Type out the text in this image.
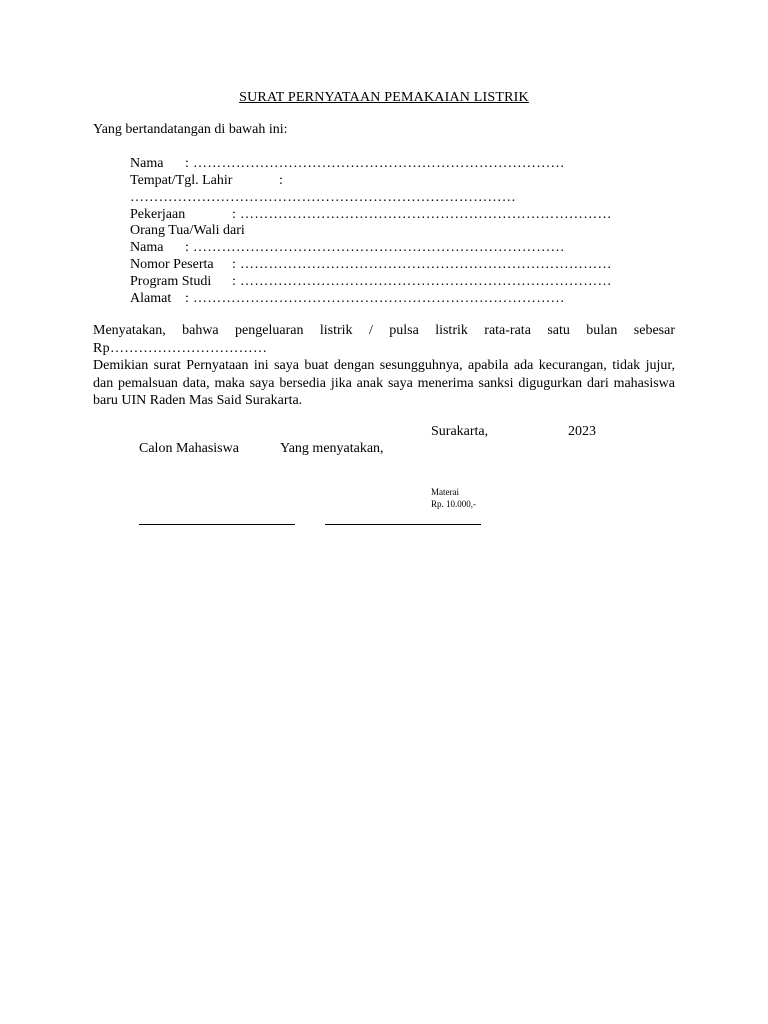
SURAT PERNYATAAN PEMAKAIAN LISTRIK
Yang bertandatangan di bawah ini:
Nama : ……………………………………………………………………
Tempat/Tgl. Lahir	:
………………………………………………………………………
Pekerjaan	: ……………………………………………………………………
Orang Tua/Wali dari
Nama : ……………………………………………………………………
Nomor Peserta : ……………………………………………………………………
Program Studi : ……………………………………………………………………
Alamat : ……………………………………………………………………
Menyatakan, bahwa pengeluaran listrik / pulsa listrik rata-rata satu bulan sebesar
Rp……………………………
Demikian surat Pernyataan ini saya buat dengan sesungguhnya, apabila ada kecurangan, tidak jujur, dan pemalsuan data, maka saya bersedia jika anak saya menerima sanksi digugurkan dari mahasiswa baru UIN Raden Mas Said Surakarta.
Surakarta,	2023
Calon Mahasiswa	Yang menyatakan,
Materai
Rp. 10.000,-
